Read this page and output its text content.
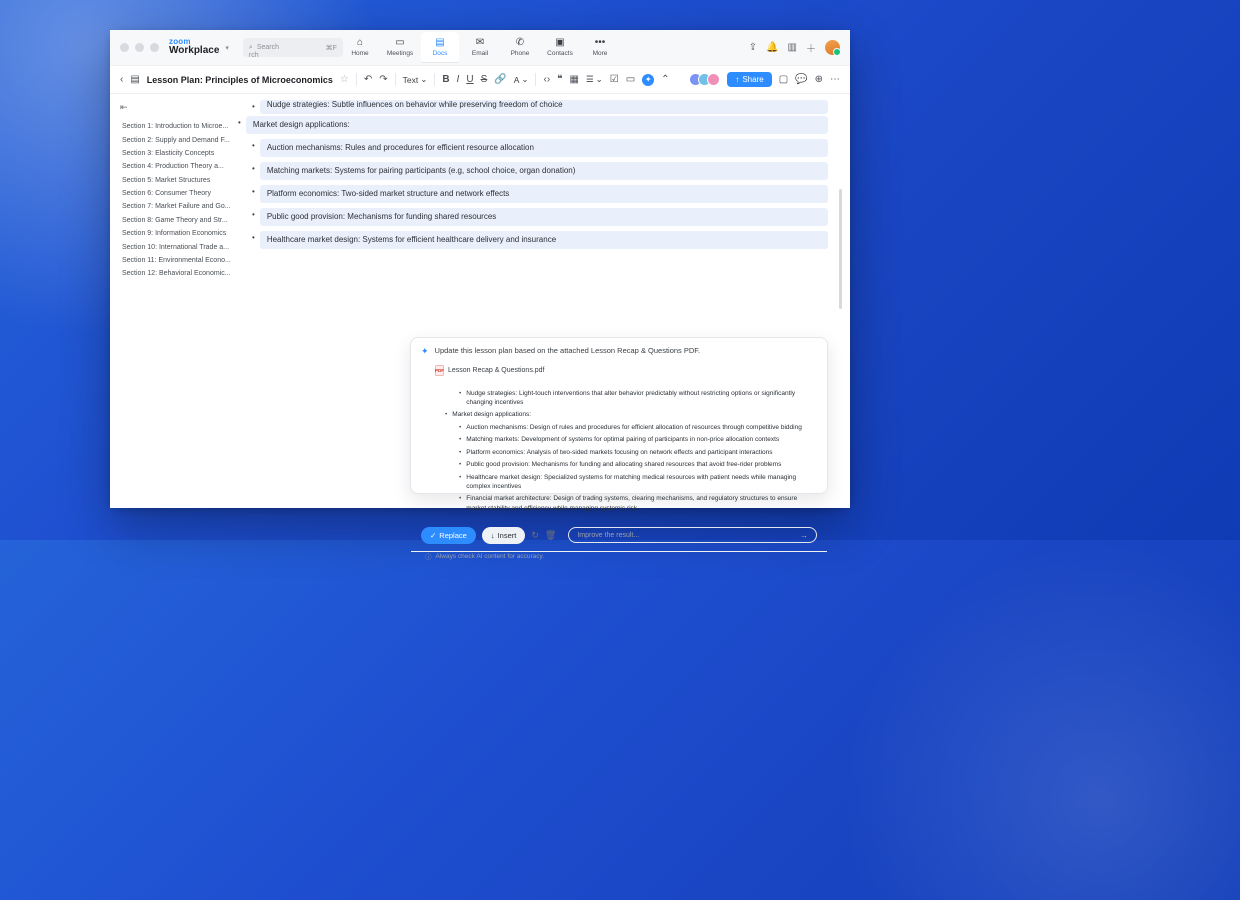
zoom
Workplace ▾	⌕ Search	⌘F
rch
⌂
Home
▭
Meetings
▤
Docs
✉
Email
✆
Phone
▣
Contacts
•••
More
⇪ 🔔 ▥ ＋
‹ ▤ Lesson Plan: Principles of Microeconomics ☆ ↶ ↷ Text ⌄ B I U S 🔗 A ⌄ ‹› ❝ ▦ ☰ ⌄ ☑ ▭	✦ ⌃	↑ Share ▢ 💬 ⊕ ⋯
⇤
Section 1: Introduction to Microe...
Section 2: Supply and Demand F...
Section 3: Elasticity Concepts
Section 4: Production Theory a...
Section 5: Market Structures
Section 6: Consumer Theory
Section 7: Market Failure and Go...
Section 8: Game Theory and Str...
Section 9: Information Economics
Section 10: International Trade a...
Section 11: Environmental Econo...
Section 12: Behavioral Economic...
•	Nudge strategies: Subtle influences on behavior while preserving freedom of choice
•	Market design applications:
•	Auction mechanisms: Rules and procedures for efficient resource allocation
•	Matching markets: Systems for pairing participants (e.g, school choice, organ donation)
•	Platform economics: Two-sided market structure and network effects
•	Public good provision: Mechanisms for funding shared resources
•	Healthcare market design: Systems for efficient healthcare delivery and insurance
✦ Update this lesson plan based on the attached Lesson Recap & Questions PDF.
PDF Lesson Recap & Questions.pdf
• Nudge strategies: Light-touch interventions that alter behavior predictably without restricting options or significantly changing incentives
• Market design applications:
• Auction mechanisms: Design of rules and procedures for efficient allocation of resources through competitive bidding
• Matching markets: Development of systems for optimal pairing of participants in non-price allocation contexts
• Platform economics: Analysis of two-sided markets focusing on network effects and participant interactions
• Public good provision: Mechanisms for funding and allocating shared resources that avoid free-rider problems
• Healthcare market design: Specialized systems for matching medical resources with patient needs while managing complex incentives
• Financial market architecture: Design of trading systems, clearing mechanisms, and regulatory structures to ensure market stability and efficiency while managing systemic risk
✓ Replace	↓ Insert ↻ 🗑	Improve the result...	→
ⓘ Always check AI content for accuracy.
